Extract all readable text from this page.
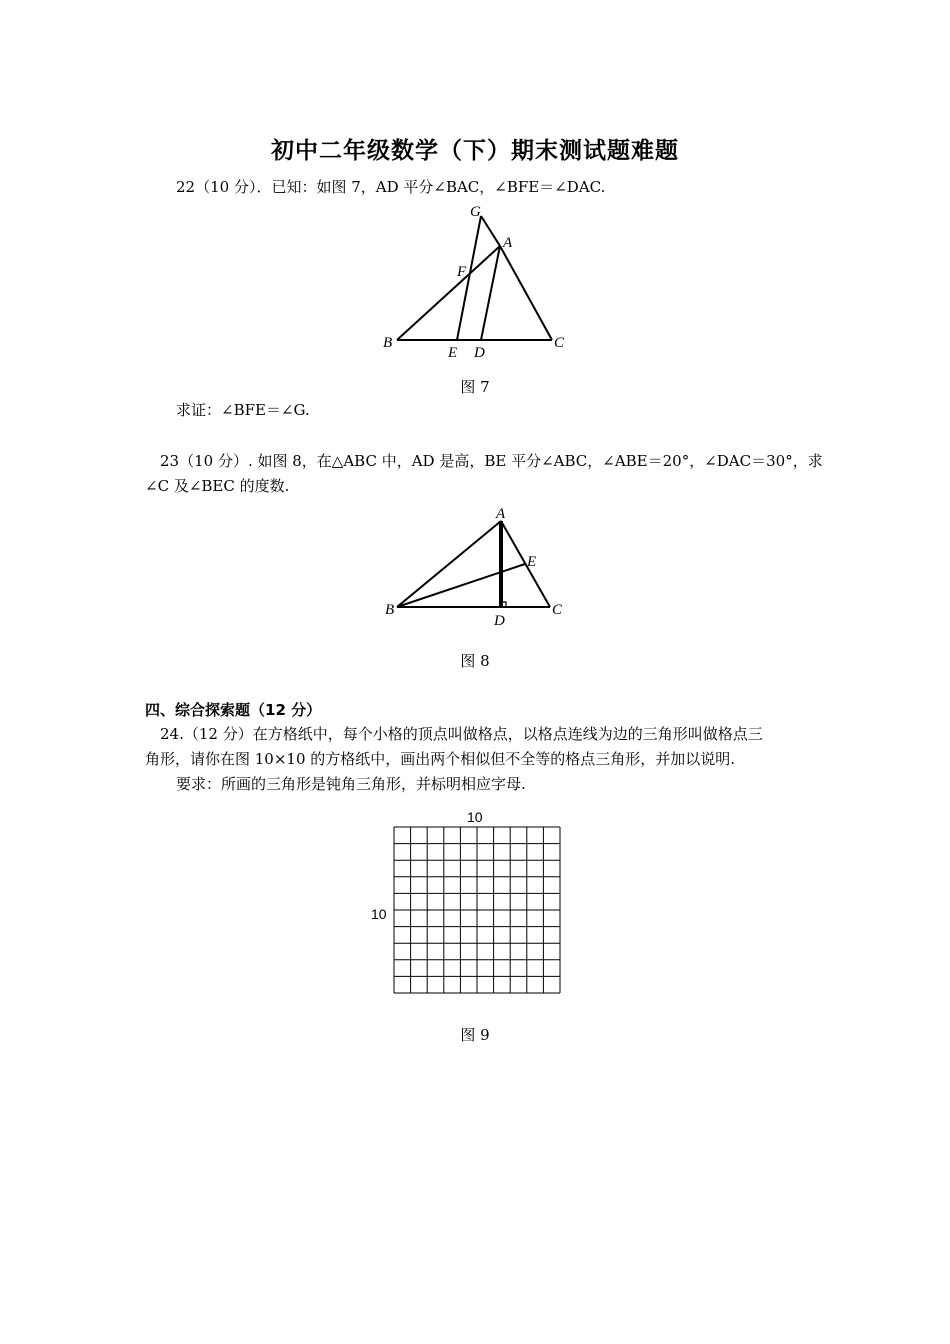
初中二年级数学（下）期末测试题难题
22（10 分）．已知：如图 7，AD 平分∠BAC，∠BFE＝∠DAC.
G
A
F
B
E D
C
图 7
求证：∠BFE＝∠G.
23（10 分）. 如图 8，在△ABC 中，AD 是高，BE 平分∠ABC，∠ABE＝20°，∠DAC＝30°，求
∠C 及∠BEC 的度数.
A
E
B
D
C
图 8
四、综合探索题（12 分）
24.（12 分）在方格纸中，每个小格的顶点叫做格点，以格点连线为边的三角形叫做格点三
角形，请你在图 10×10 的方格纸中，画出两个相似但不全等的格点三角形，并加以说明.
要求：所画的三角形是钝角三角形，并标明相应字母.
10
10
图 9
